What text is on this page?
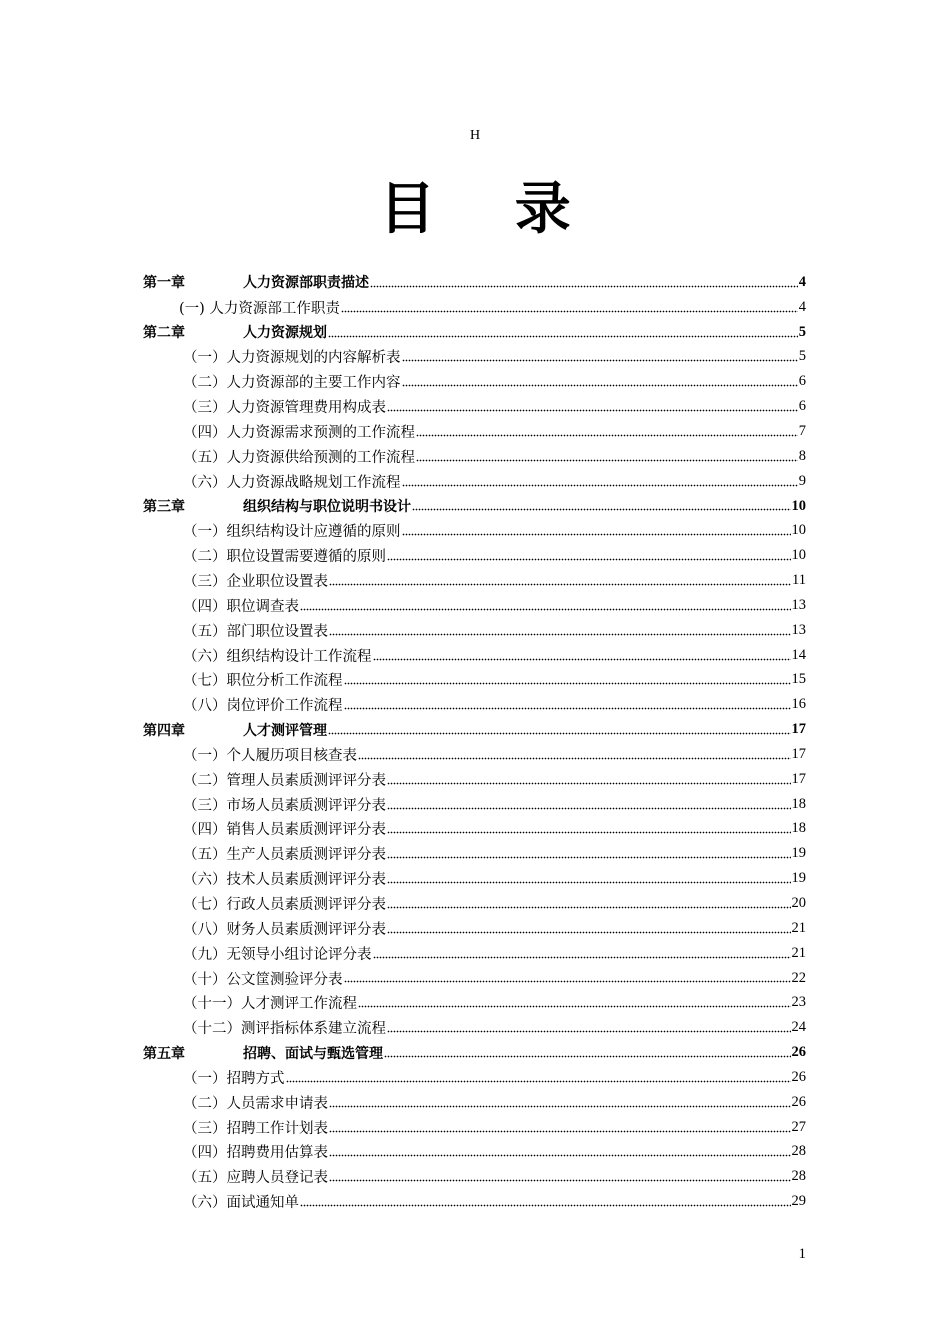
H
目 录
第一章	人力资源部职责描述	4
(一) 人力资源部工作职责	4
第二章	人力资源规划	5
（一）人力资源规划的内容解析表	5
（二）人力资源部的主要工作内容	6
（三）人力资源管理费用构成表	6
（四）人力资源需求预测的工作流程	7
（五）人力资源供给预测的工作流程	8
（六）人力资源战略规划工作流程	9
第三章	组织结构与职位说明书设计	10
（一）组织结构设计应遵循的原则	10
（二）职位设置需要遵循的原则	10
（三）企业职位设置表	11
（四）职位调查表	13
（五）部门职位设置表	13
（六）组织结构设计工作流程	14
（七）职位分析工作流程	15
（八）岗位评价工作流程	16
第四章	人才测评管理	17
（一）个人履历项目核查表	17
（二）管理人员素质测评评分表	17
（三）市场人员素质测评评分表	18
（四）销售人员素质测评评分表	18
（五）生产人员素质测评评分表	19
（六）技术人员素质测评评分表	19
（七）行政人员素质测评评分表	20
（八）财务人员素质测评评分表	21
（九）无领导小组讨论评分表	21
（十）公文筐测验评分表	22
（十一）人才测评工作流程	23
（十二）测评指标体系建立流程	24
第五章	招聘、面试与甄选管理	26
（一）招聘方式	26
（二）人员需求申请表	26
（三）招聘工作计划表	27
（四）招聘费用估算表	28
（五）应聘人员登记表	28
（六）面试通知单	29
1
